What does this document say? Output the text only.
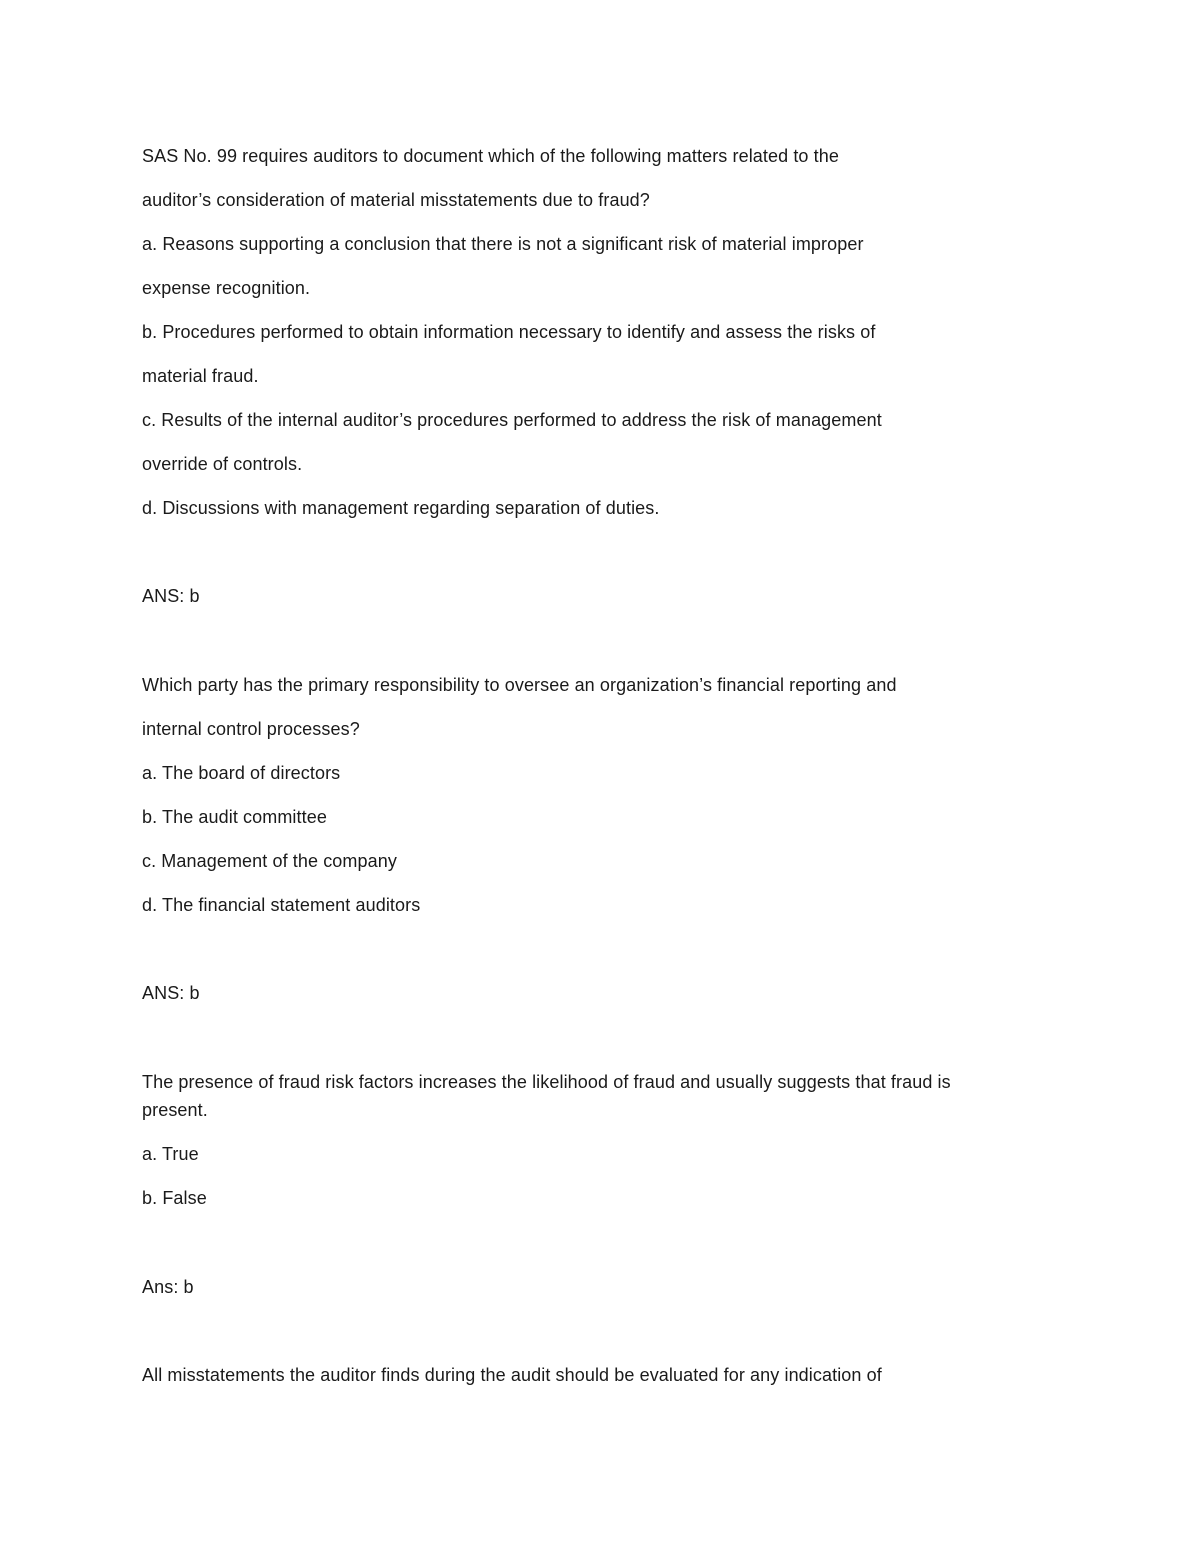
SAS No. 99 requires auditors to document which of the following matters related to the
auditor’s consideration of material misstatements due to fraud?
a. Reasons supporting a conclusion that there is not a significant risk of material improper
expense recognition.
b. Procedures performed to obtain information necessary to identify and assess the risks of
material fraud.
c. Results of the internal auditor’s procedures performed to address the risk of management
override of controls.
d. Discussions with management regarding separation of duties.
ANS: b
Which party has the primary responsibility to oversee an organization’s financial reporting and
internal control processes?
a. The board of directors
b. The audit committee
c. Management of the company
d. The financial statement auditors
ANS: b
The presence of fraud risk factors increases the likelihood of fraud and usually suggests that fraud is
present.
a. True
b. False
Ans: b
All misstatements the auditor finds during the audit should be evaluated for any indication of
